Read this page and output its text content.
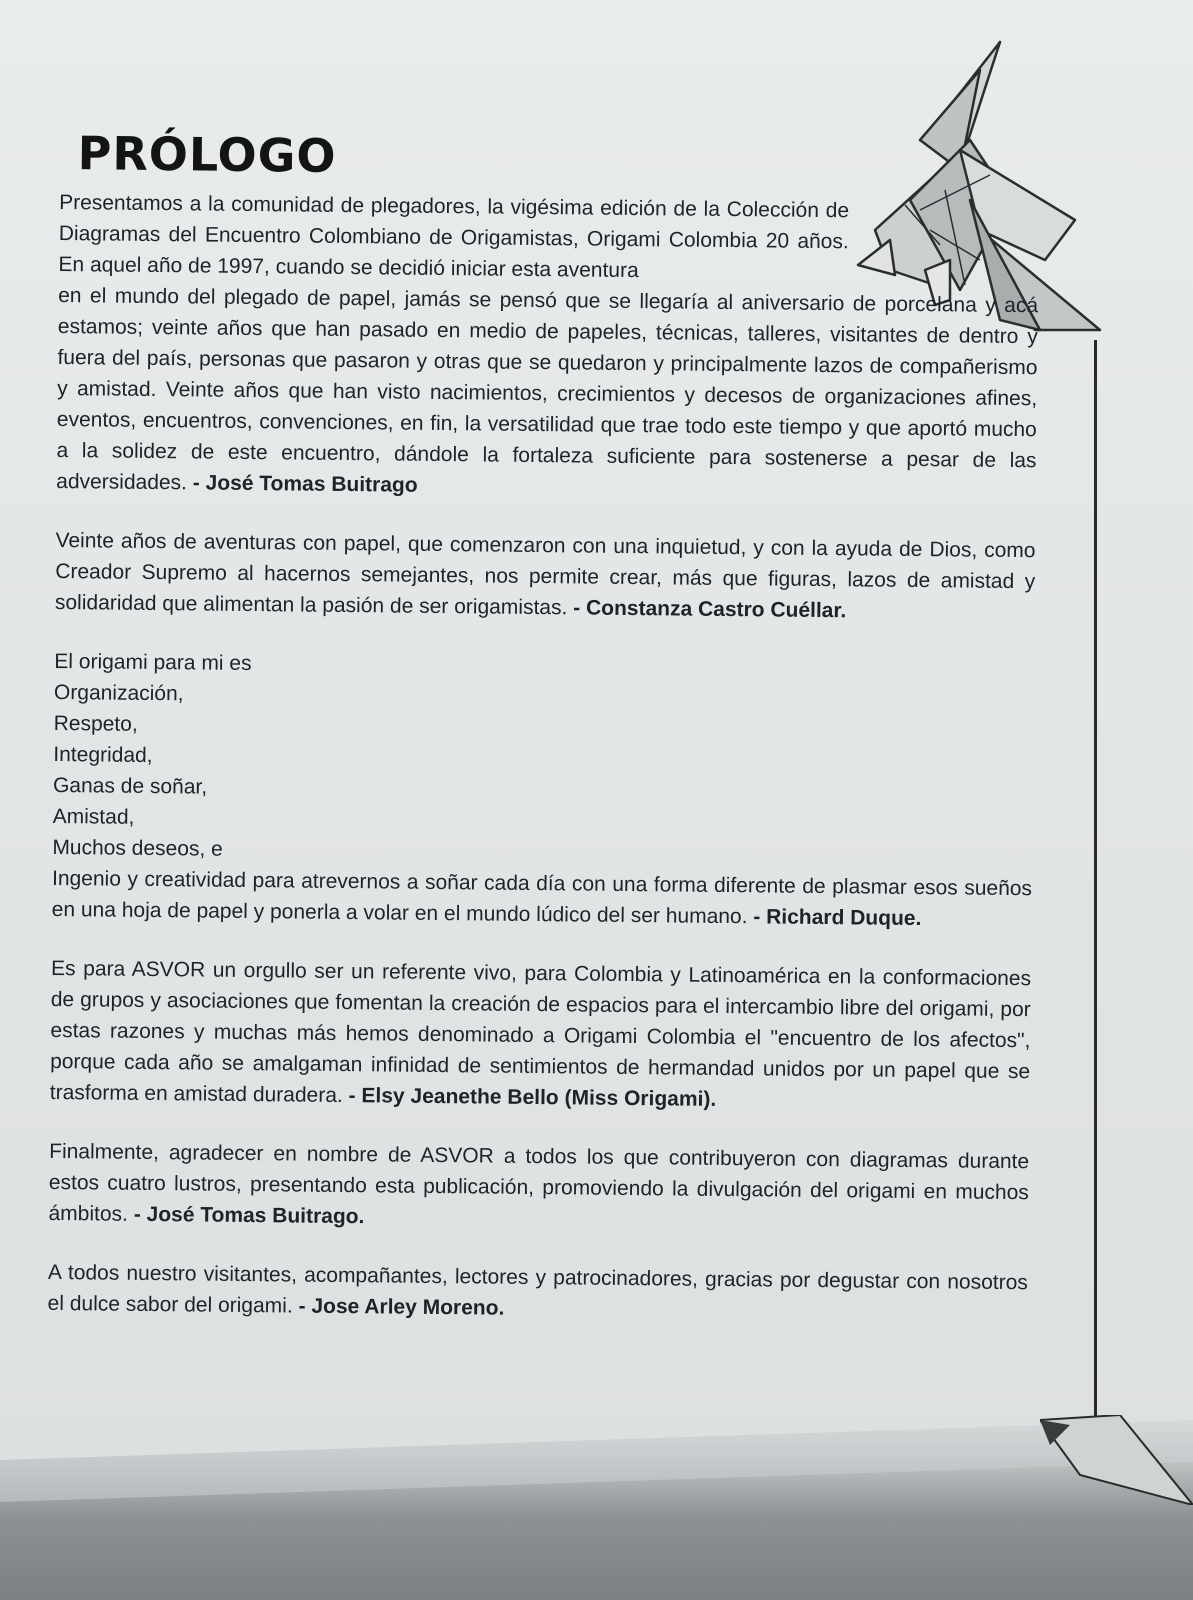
PRÓLOGO

Presentamos a la comunidad de plegadores, la vigésima edición de la Colección de Diagramas del Encuentro Colombiano de Origamistas, Origami Colombia 20 años. En aquel año de 1997, cuando se decidió iniciar esta aventura

en el mundo del plegado de papel, jamás se pensó que se llegaría al aniversario de porcelana y acá estamos; veinte años que han pasado en medio de papeles, técnicas, talleres, visitantes de dentro y fuera del país, personas que pasaron y otras que se quedaron y principalmente lazos de compañerismo y amistad. Veinte años que han visto nacimientos, crecimientos y decesos de organizaciones afines, eventos, encuentros, convenciones, en fin, la versatilidad que trae todo este tiempo y que aportó mucho a la solidez de este encuentro, dándole la fortaleza suficiente para sostenerse a pesar de las adversidades. - José Tomas Buitrago

Veinte años de aventuras con papel, que comenzaron con una inquietud, y con la ayuda de Dios, como Creador Supremo al hacernos semejantes, nos permite crear, más que figuras, lazos de amistad y solidaridad que alimentan la pasión de ser origamistas. - Constanza Castro Cuéllar.

El origami para mi es
Organización,
Respeto,
Integridad,
Ganas de soñar,
Amistad,
Muchos deseos, e

Ingenio y creatividad para atrevernos a soñar cada día con una forma diferente de plasmar esos sueños en una hoja de papel y ponerla a volar en el mundo lúdico del ser humano. - Richard Duque.

Es para ASVOR un orgullo ser un referente vivo, para Colombia y Latinoamérica en la conformaciones de grupos y asociaciones que fomentan la creación de espacios para el intercambio libre del origami, por estas razones y muchas más hemos denominado a Origami Colombia el "encuentro de los afectos", porque cada año se amalgaman infinidad de sentimientos de hermandad unidos por un papel que se trasforma en amistad duradera. - Elsy Jeanethe Bello (Miss Origami).

Finalmente, agradecer en nombre de ASVOR a todos los que contribuyeron con diagramas durante estos cuatro lustros, presentando esta publicación, promoviendo la divulgación del origami en muchos ámbitos. - José Tomas Buitrago.

A todos nuestro visitantes, acompañantes, lectores y patrocinadores, gracias por degustar con nosotros el dulce sabor del origami. - Jose Arley Moreno.
